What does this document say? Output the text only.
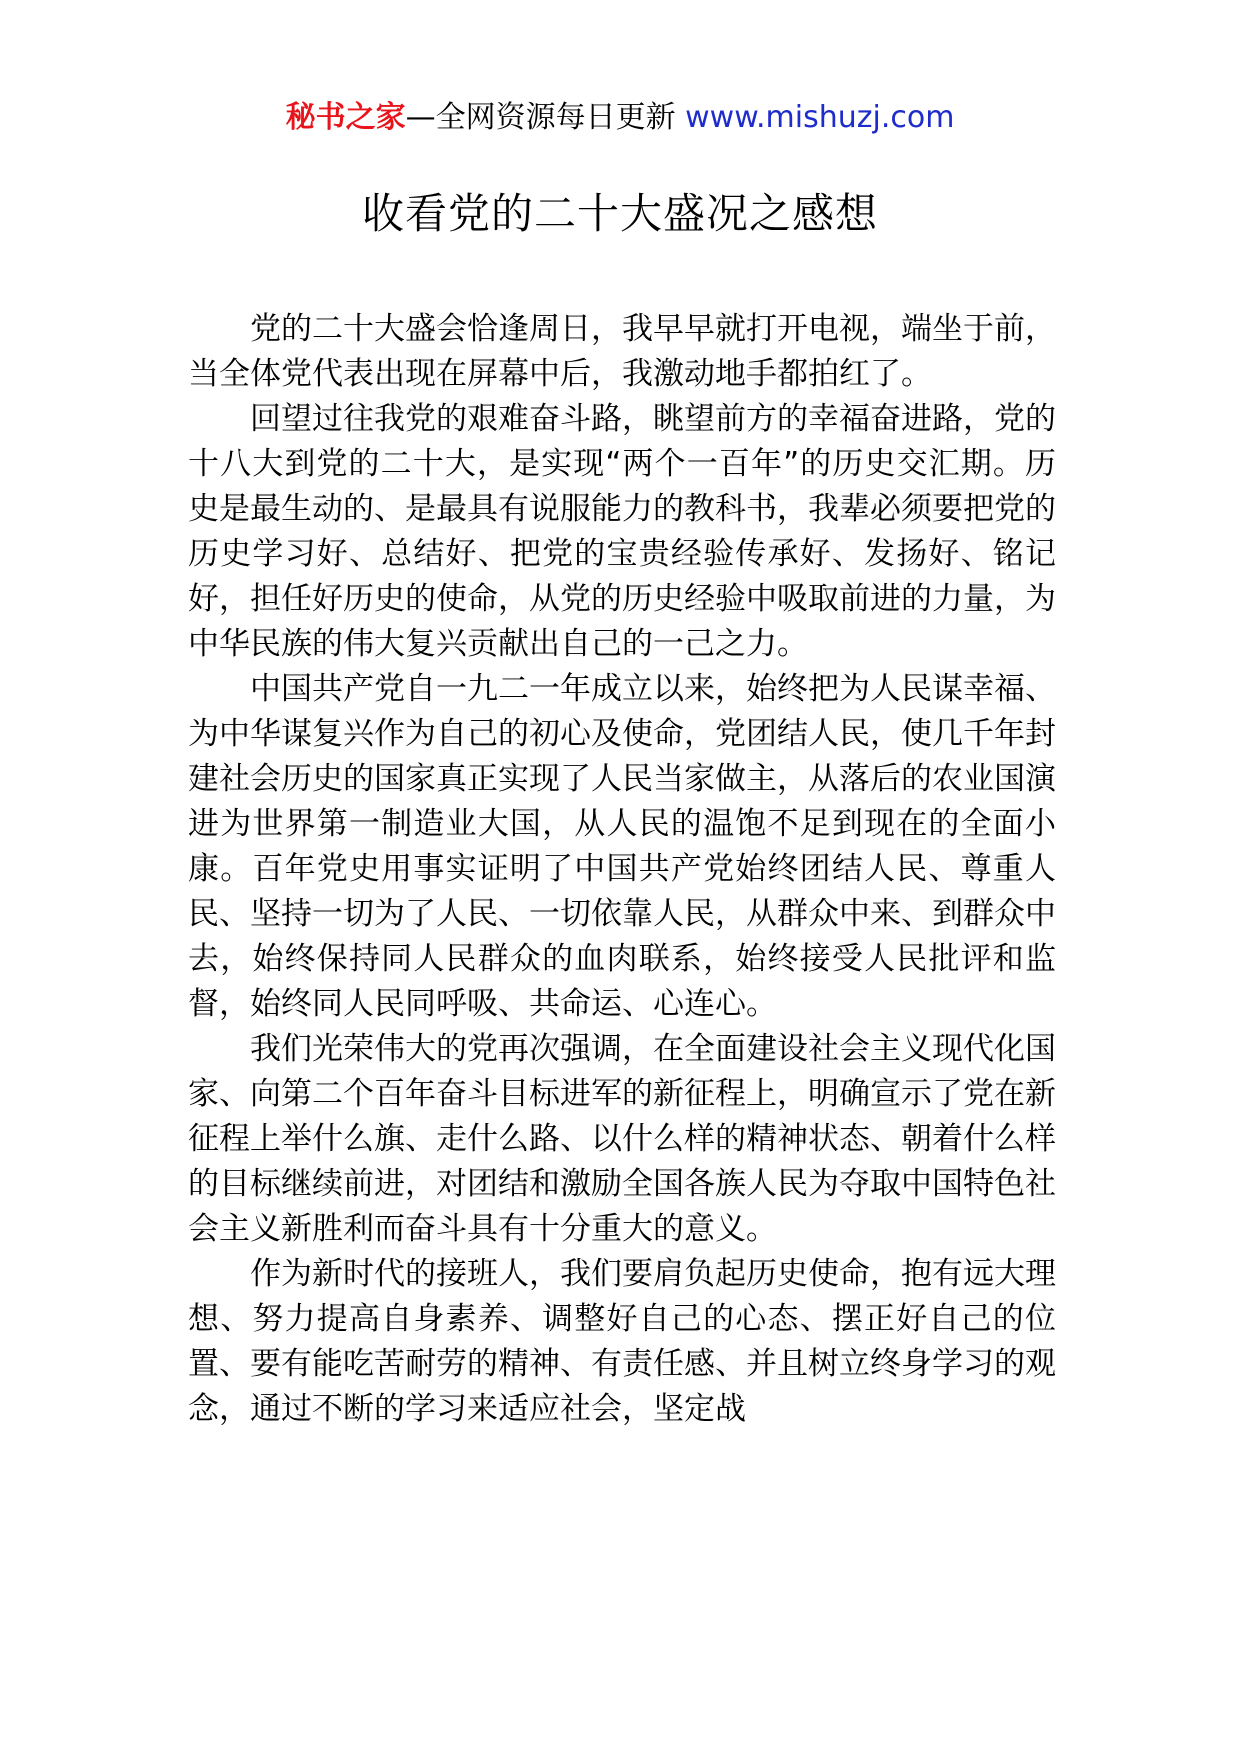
秘书之家—全网资源每日更新 www.mishuzj.com
收看党的二十大盛况之感想

党的二十大盛会恰逢周日，我早早就打开电视，端坐于前，当全体党代表出现在屏幕中后，我激动地手都拍红了。

回望过往我党的艰难奋斗路，眺望前方的幸福奋进路，党的十八大到党的二十大，是实现“两个一百年”的历史交汇期。历史是最生动的、是最具有说服能力的教科书，我辈必须要把党的历史学习好、总结好、把党的宝贵经验传承好、发扬好、铭记好，担任好历史的使命，从党的历史经验中吸取前进的力量，为中华民族的伟大复兴贡献出自己的一己之力。

中国共产党自一九二一年成立以来，始终把为人民谋幸福、为中华谋复兴作为自己的初心及使命，党团结人民，使几千年封建社会历史的国家真正实现了人民当家做主，从落后的农业国演进为世界第一制造业大国，从人民的温饱不足到现在的全面小康。百年党史用事实证明了中国共产党始终团结人民、尊重人民、坚持一切为了人民、一切依靠人民，从群众中来、到群众中去，始终保持同人民群众的血肉联系，始终接受人民批评和监督，始终同人民同呼吸、共命运、心连心。

我们光荣伟大的党再次强调，在全面建设社会主义现代化国家、向第二个百年奋斗目标进军的新征程上，明确宣示了党在新征程上举什么旗、走什么路、以什么样的精神状态、朝着什么样的目标继续前进，对团结和激励全国各族人民为夺取中国特色社会主义新胜利而奋斗具有十分重大的意义。

作为新时代的接班人，我们要肩负起历史使命，抱有远大理想、努力提高自身素养、调整好自己的心态、摆正好自己的位置、要有能吃苦耐劳的精神、有责任感、并且树立终身学习的观念，通过不断的学习来适应社会，坚定战
